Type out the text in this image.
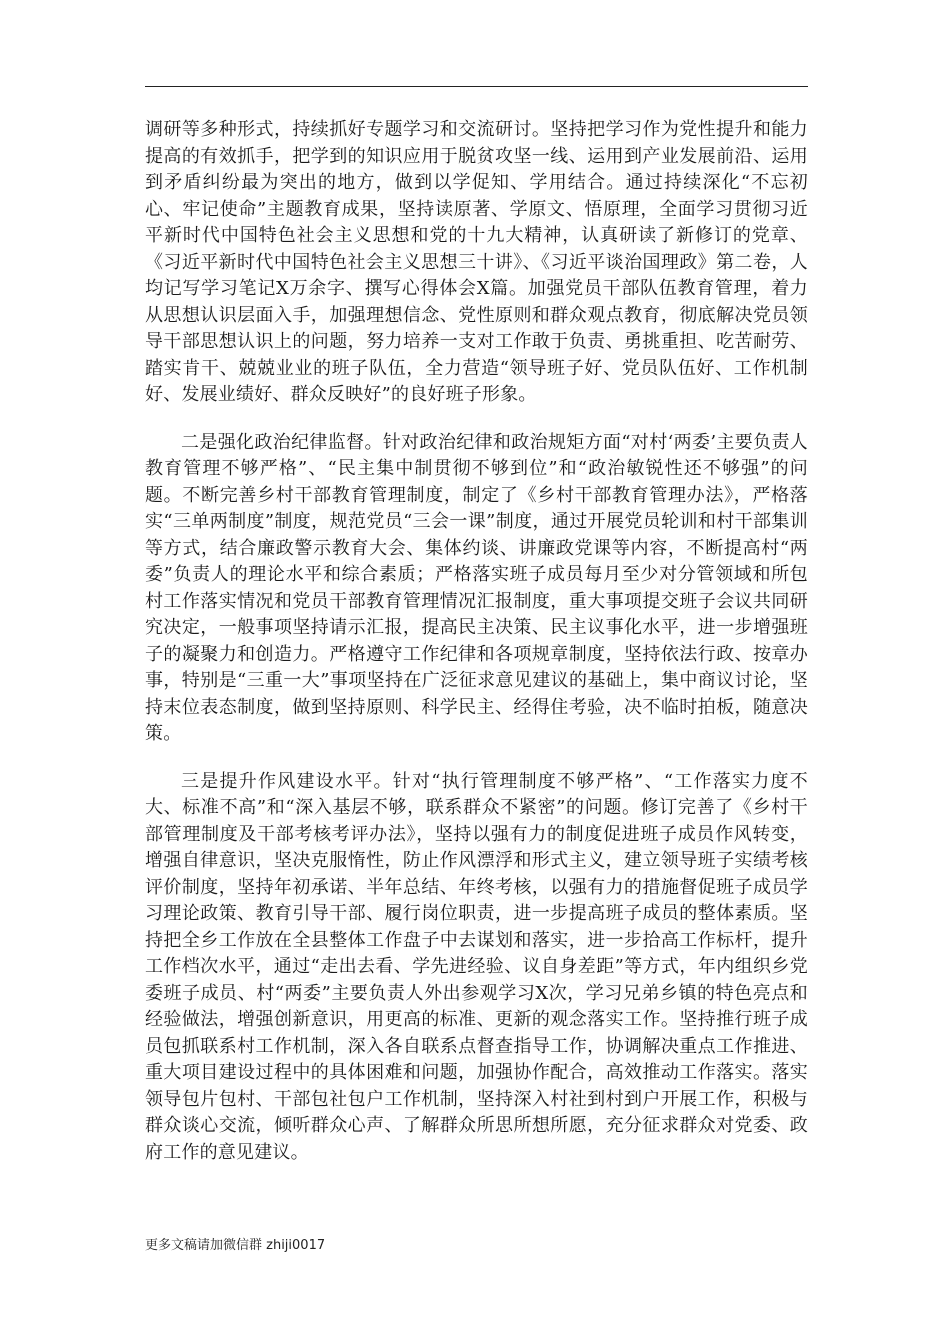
调研等多种形式，持续抓好专题学习和交流研讨。坚持把学习作为党性提升和能力提高的有效抓手，把学到的知识应用于脱贫攻坚一线、运用到产业发展前沿、运用到矛盾纠纷最为突出的地方，做到以学促知、学用结合。通过持续深化“不忘初心、牢记使命”主题教育成果，坚持读原著、学原文、悟原理，全面学习贯彻习近平新时代中国特色社会主义思想和党的十九大精神，认真研读了新修订的党章、《习近平新时代中国特色社会主义思想三十讲》、《习近平谈治国理政》第二卷，人均记写学习笔记X万余字、撰写心得体会X篇。加强党员干部队伍教育管理，着力从思想认识层面入手，加强理想信念、党性原则和群众观点教育，彻底解决党员领导干部思想认识上的问题，努力培养一支对工作敢于负责、勇挑重担、吃苦耐劳、踏实肯干、兢兢业业的班子队伍，全力营造“领导班子好、党员队伍好、工作机制好、发展业绩好、群众反映好”的良好班子形象。

二是强化政治纪律监督。针对政治纪律和政治规矩方面“对村‘两委’主要负责人教育管理不够严格”、“民主集中制贯彻不够到位”和“政治敏锐性还不够强”的问题。不断完善乡村干部教育管理制度，制定了《乡村干部教育管理办法》，严格落实“三单两制度”制度，规范党员“三会一课”制度，通过开展党员轮训和村干部集训等方式，结合廉政警示教育大会、集体约谈、讲廉政党课等内容，不断提高村“两委”负责人的理论水平和综合素质；严格落实班子成员每月至少对分管领域和所包村工作落实情况和党员干部教育管理情况汇报制度，重大事项提交班子会议共同研究决定，一般事项坚持请示汇报，提高民主决策、民主议事化水平，进一步增强班子的凝聚力和创造力。严格遵守工作纪律和各项规章制度，坚持依法行政、按章办事，特别是“三重一大”事项坚持在广泛征求意见建议的基础上，集中商议讨论，坚持末位表态制度，做到坚持原则、科学民主、经得住考验，决不临时拍板，随意决策。

三是提升作风建设水平。针对“执行管理制度不够严格”、“工作落实力度不大、标准不高”和“深入基层不够，联系群众不紧密”的问题。修订完善了《乡村干部管理制度及干部考核考评办法》，坚持以强有力的制度促进班子成员作风转变，增强自律意识，坚决克服惰性，防止作风漂浮和形式主义，建立领导班子实绩考核评价制度，坚持年初承诺、半年总结、年终考核，以强有力的措施督促班子成员学习理论政策、教育引导干部、履行岗位职责，进一步提高班子成员的整体素质。坚持把全乡工作放在全县整体工作盘子中去谋划和落实，进一步拾高工作标杆，提升工作档次水平，通过“走出去看、学先进经验、议自身差距”等方式，年内组织乡党委班子成员、村“两委”主要负责人外出参观学习X次，学习兄弟乡镇的特色亮点和经验做法，增强创新意识，用更高的标准、更新的观念落实工作。坚持推行班子成员包抓联系村工作机制，深入各自联系点督查指导工作，协调解决重点工作推进、重大项目建设过程中的具体困难和问题，加强协作配合，高效推动工作落实。落实领导包片包村、干部包社包户工作机制，坚持深入村社到村到户开展工作，积极与群众谈心交流，倾听群众心声、了解群众所思所想所愿，充分征求群众对党委、政府工作的意见建议。

更多文稿请加微信群 zhiji0017
